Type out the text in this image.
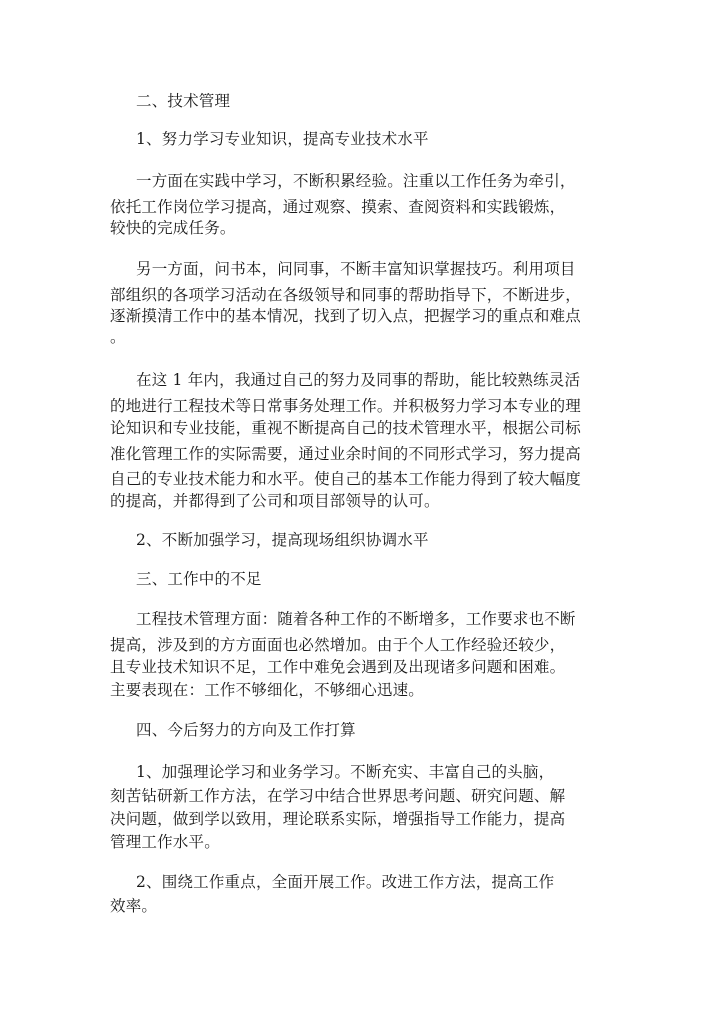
二、技术管理
1、努力学习专业知识，提高专业技术水平
一方面在实践中学习，不断积累经验。注重以工作任务为牵引，
依托工作岗位学习提高，通过观察、摸索、查阅资料和实践锻炼，
较快的完成任务。
另一方面，问书本，问同事，不断丰富知识掌握技巧。利用项目
部组织的各项学习活动在各级领导和同事的帮助指导下，不断进步，
逐渐摸清工作中的基本情况，找到了切入点，把握学习的重点和难点
。
在这 1 年内，我通过自己的努力及同事的帮助，能比较熟练灵活
的地进行工程技术等日常事务处理工作。并积极努力学习本专业的理
论知识和专业技能，重视不断提高自己的技术管理水平，根据公司标
准化管理工作的实际需要，通过业余时间的不同形式学习，努力提高
自己的专业技术能力和水平。使自己的基本工作能力得到了较大幅度
的提高，并都得到了公司和项目部领导的认可。
2、不断加强学习，提高现场组织协调水平
三、工作中的不足
工程技术管理方面：随着各种工作的不断增多，工作要求也不断
提高，涉及到的方方面面也必然增加。由于个人工作经验还较少，
且专业技术知识不足，工作中难免会遇到及出现诸多问题和困难。
主要表现在：工作不够细化，不够细心迅速。
四、今后努力的方向及工作打算
1、加强理论学习和业务学习。不断充实、丰富自己的头脑，
刻苦钻研新工作方法，在学习中结合世界思考问题、研究问题、解
决问题，做到学以致用，理论联系实际，增强指导工作能力，提高
管理工作水平。
2、围绕工作重点，全面开展工作。改进工作方法，提高工作
效率。
